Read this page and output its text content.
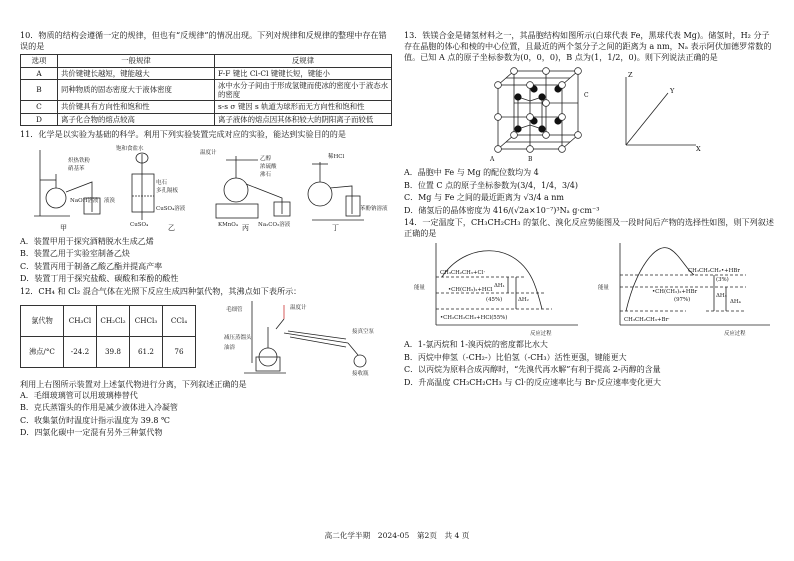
10．物质的结构会遵循一定的规律，但也有“反规律”的情况出现。下列对规律和反规律的整理中存在错误的是

选项	一般规律	反规律
A	共价键键长越短，键能越大	F-F 键比 Cl-Cl 键键长短，键能小
B	同种物质的固态密度大于液体密度	冰中水分子间由于形成氢键而使冰的密度小于液态水的密度
C	共价键具有方向性和饱和性	s-s σ 键因 s 轨道为球形而无方向性和饱和性
D	离子化合物的熔点较高	离子液体的熔点因其体积较大的阴阳离子而较低

11．化学是以实验为基础的科学。利用下列实验装置完成对应的实验，能达到实验目的的是

炽热铁粉
硝基苯
NaOH溶液 液溴
饱和食盐水
电石
多孔隔板
CuSO₄溶液
温度计
乙醇
浓硫酸
沸石
Na₂CO₃溶液
稀HCl
苯酚钠溶液
KMnO₄
CuSO₄
甲	乙	丙	丁

A．装置甲用于探究酒精脱水生成乙烯

B．装置乙用于实验室制备乙炔

C．装置丙用于制备乙酸乙酯并提高产率

D．装置丁用于探究盐酸、碳酸和苯酚的酸性

12．CH₄ 和 Cl₂ 混合气体在光照下反应生成四种氯代物，其沸点如下表所示：

氯代物	CH₃Cl	CH₂Cl₂	CHCl₃	CCl₄
沸点/°C	-24.2	39.8	61.2	76
温度计
毛细管
减压蒸馏头
油浴
接真空泵
接收瓶

利用上右图所示装置对上述氯代物进行分离，下列叙述正确的是

A．毛细玻璃管可以用玻璃棒替代

B．克氏蒸馏头的作用是减少液体进入冷凝管

C．收集氯仿时温度计指示温度为 39.8 ℃

D．四氯化碳中一定混有另外三种氯代物

13．铁镁合金是储氢材料之一，其晶胞结构如图所示(白球代表 Fe，黑球代表 Mg)。储氢时，H₂ 分子存在晶胞的体心和棱的中心位置，且最近的两个氢分子之间的距离为 a nm，Nₐ 表示阿伏加德罗常数的值。已知 A 点的原子坐标参数为(0，0，0)，B 点为(1，1/2，0)。则下列说法正确的是

A	B
C
Z
Y
X

A．晶胞中 Fe 与 Mg 的配位数均为 4

B．位置 C 点的原子坐标参数为(3/4，1/4，3/4)

C．Mg 与 Fe 之间的最近距离为 √3/4 a nm

D．储氢后的晶体密度为 416/(√2a×10⁻⁷)³Nₐ g·cm⁻³

14．一定温度下，CH₃CH₂CH₃ 的氯化、溴化反应势能图及一段时间后产物的选择性如图，则下列叙述正确的是

能量
反应过程
CH₃CH₂CH₃+Cl·
•CH(CH₃)₂+HCl
(45%)
•CH₂CH₂CH₃+HCl(55%)
ΔH₁
ΔH₂
能量
反应过程
CH₃CH₂CH₃+Br·
CH₃CH₂CH₂•+HBr
(3%)
•CH(CH₃)₂+HBr
(97%)
ΔH₃
ΔH₄

A．1-氯丙烷和 1-溴丙烷的密度都比水大

B．丙烷中伸氢（-CH₂-）比伯氢（-CH₃）活性更强，键能更大

C．以丙烷为原料合成丙醇时，“先溴代再水解”有利于提高 2-丙醇的含量

D．升高温度 CH₃CH₂CH₃ 与 Cl·的反应速率比与 Br·反应速率变化更大

高二化学半期　2024-05　第2页　共 4 页
